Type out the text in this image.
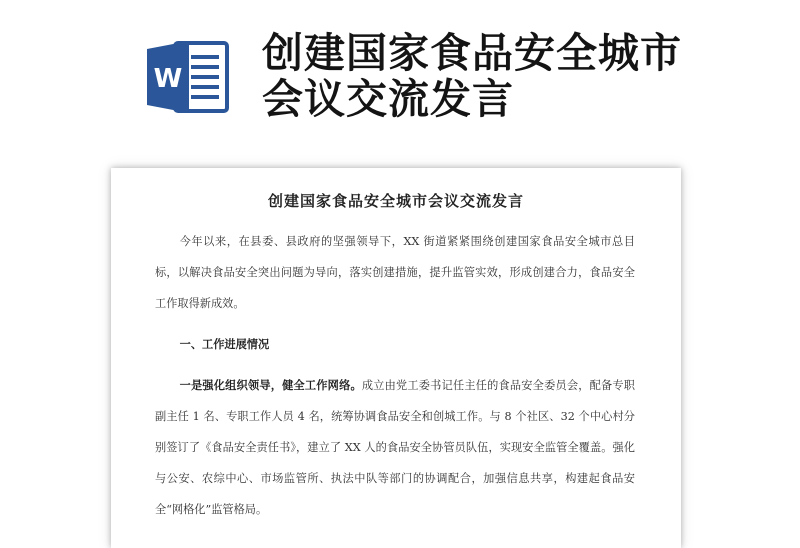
W
创建国家食品安全城市会议交流发言
创建国家食品安全城市会议交流发言

今年以来，在县委、县政府的坚强领导下，XX 街道紧紧围绕创建国家食品安全城市总目标，以解决食品安全突出问题为导向，落实创建措施，提升监管实效，形成创建合力，食品安全工作取得新成效。

一、工作进展情况

一是强化组织领导，健全工作网络。成立由党工委书记任主任的食品安全委员会，配备专职副主任 1 名、专职工作人员 4 名，统筹协调食品安全和创城工作。与 8 个社区、32 个中心村分别签订了《食品安全责任书》，建立了 XX 人的食品安全协管员队伍，实现安全监管全覆盖。强化与公安、农综中心、市场监管所、执法中队等部门的协调配合，加强信息共享，构建起食品安全“网格化”监管格局。
